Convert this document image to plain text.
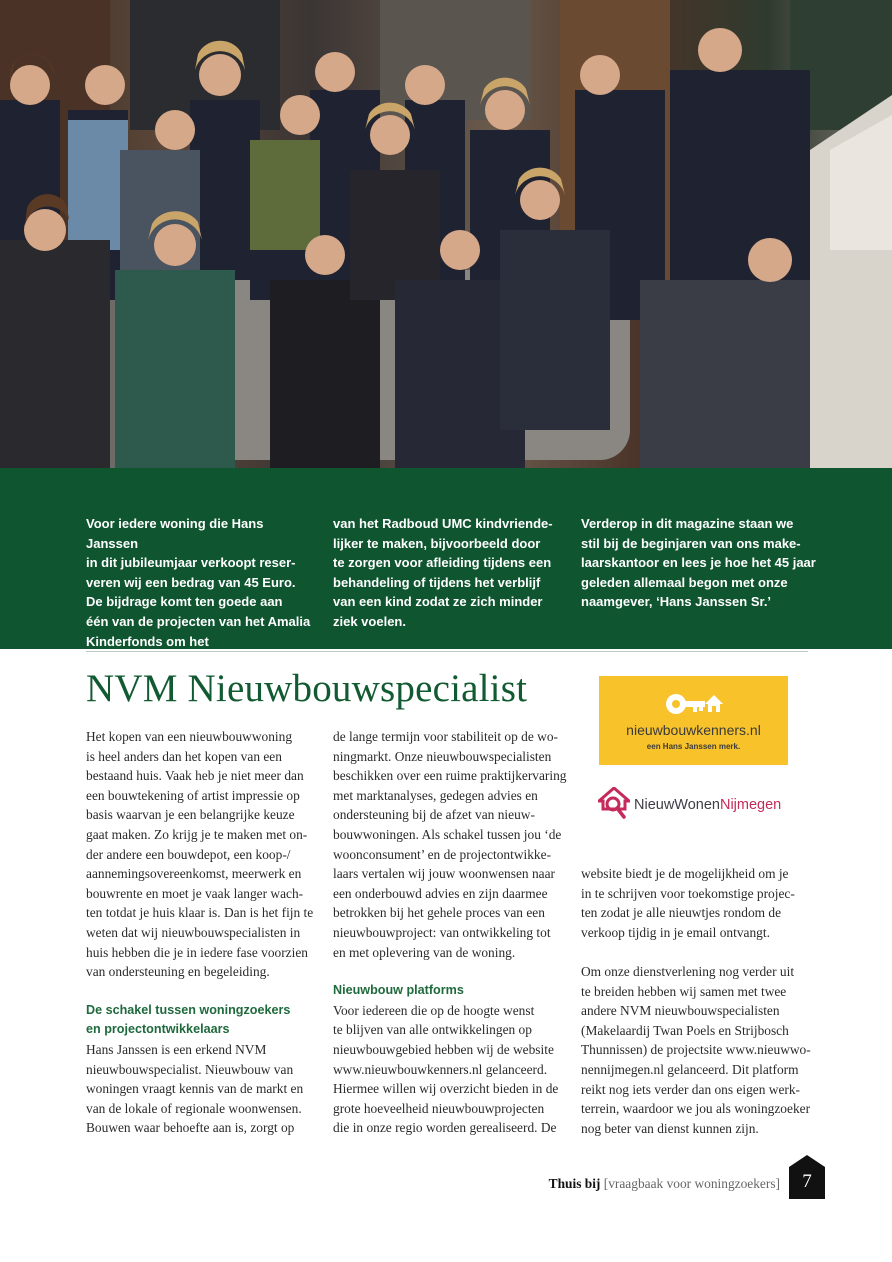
Voor iedere woning die Hans Janssen
in dit jubileumjaar verkoopt reser-
veren wij een bedrag van 45 Euro.
De bijdrage komt ten goede aan
één van de projecten van het Amalia
Kinderfonds om het kinderziekenhuis

van het Radboud UMC kindvriende-
lijker te maken, bijvoorbeeld door
te zorgen voor afleiding tijdens een
behandeling of tijdens het verblijf
van een kind zodat ze zich minder
ziek voelen.

Verderop in dit magazine staan we
stil bij de beginjaren van ons make-
laarskantoor en lees je hoe het 45 jaar
geleden allemaal begon met onze
naamgever, ‘Hans Janssen Sr.’

NVM Nieuwbouwspecialist
nieuwbouwkenners.nl
een Hans Janssen merk.
NieuwWonenNijmegen

Het kopen van een nieuwbouwwoning
is heel anders dan het kopen van een
bestaand huis. Vaak heb je niet meer dan
een bouwtekening of artist impressie op
basis waarvan je een belangrijke keuze
gaat maken. Zo krijg je te maken met on-
der andere een bouwdepot, een koop-/
aannemingsovereenkomst, meerwerk en
bouwrente en moet je vaak langer wach-
ten totdat je huis klaar is. Dan is het fijn te
weten dat wij nieuwbouwspecialisten in
huis hebben die je in iedere fase voorzien
van ondersteuning en begeleiding.

De schakel tussen woningzoekers
en projectontwikkelaars

Hans Janssen is een erkend NVM
nieuwbouwspecialist. Nieuwbouw van
woningen vraagt kennis van de markt en
van de lokale of regionale woonwensen.
Bouwen waar behoefte aan is, zorgt op

de lange termijn voor stabiliteit op de wo-
ningmarkt. Onze nieuwbouwspecialisten
beschikken over een ruime praktijkervaring
met marktanalyses, gedegen advies en
ondersteuning bij de afzet van nieuw-
bouwwoningen. Als schakel tussen jou ‘de
woonconsument’ en de projectontwikke-
laars vertalen wij jouw woonwensen naar
een onderbouwd advies en zijn daarmee
betrokken bij het gehele proces van een
nieuwbouwproject: van ontwikkeling tot
en met oplevering van de woning.

Nieuwbouw platforms

Voor iedereen die op de hoogte wenst
te blijven van alle ontwikkelingen op
nieuwbouwgebied hebben wij de website
www.nieuwbouwkenners.nl gelanceerd.
Hiermee willen wij overzicht bieden in de
grote hoeveelheid nieuwbouwprojecten
die in onze regio worden gerealiseerd. De

website biedt je de mogelijkheid om je
in te schrijven voor toekomstige projec-
ten zodat je alle nieuwtjes rondom de
verkoop tijdig in je email ontvangt.

Om onze dienstverlening nog verder uit
te breiden hebben wij samen met twee
andere NVM nieuwbouwspecialisten
(Makelaardij Twan Poels en Strijbosch
Thunnissen) de projectsite www.nieuwwo-
nennijmegen.nl gelanceerd. Dit platform
reikt nog iets verder dan ons eigen werk-
terrein, waardoor we jou als woningzoeker
nog beter van dienst kunnen zijn.

Thuis bij [vraagbaak voor woningzoekers]	7
